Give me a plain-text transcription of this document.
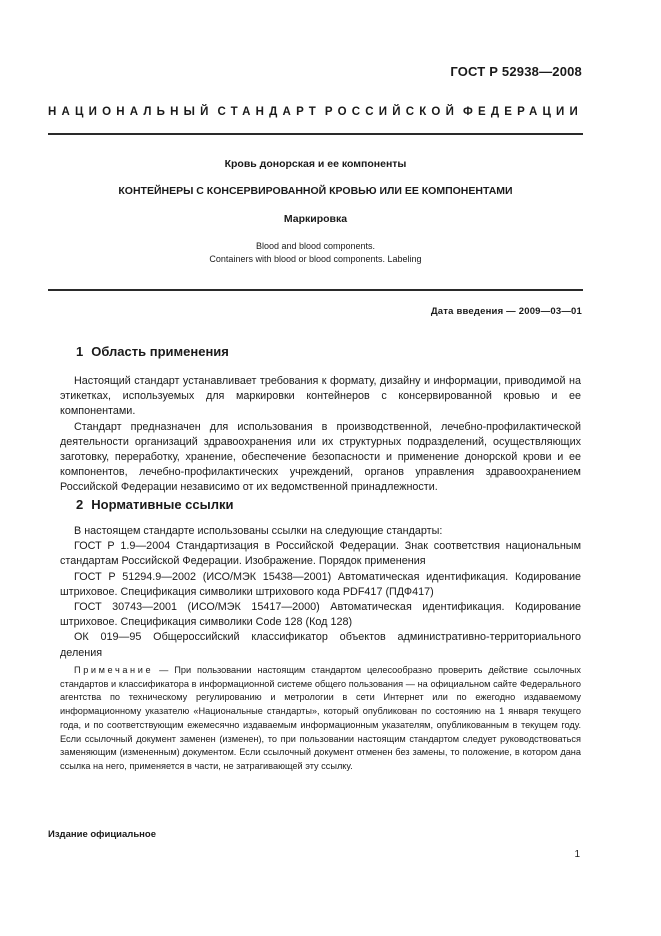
ГОСТ Р 52938—2008
НАЦИОНАЛЬНЫЙ СТАНДАРТ РОССИЙСКОЙ ФЕДЕРАЦИИ
Кровь донорская и ее компоненты
КОНТЕЙНЕРЫ С КОНСЕРВИРОВАННОЙ КРОВЬЮ ИЛИ ЕЕ КОМПОНЕНТАМИ
Маркировка
Blood and blood components.
Containers with blood or blood components. Labeling
Дата введения — 2009—03—01
1 Область применения

Настоящий стандарт устанавливает требования к формату, дизайну и информации, приводимой на этикетках, используемых для маркировки контейнеров с консервированной кровью и ее компонентами.

Стандарт предназначен для использования в производственной, лечебно-профилактической деятельности организаций здравоохранения или их структурных подразделений, осуществляющих заготовку, переработку, хранение, обеспечение безопасности и применение донорской крови и ее компонентов, лечебно-профилактических учреждений, органов управления здравоохранением Российской Федерации независимо от их ведомственной принадлежности.

2 Нормативные ссылки

В настоящем стандарте использованы ссылки на следующие стандарты:

ГОСТ Р 1.9—2004 Стандартизация в Российской Федерации. Знак соответствия национальным стандартам Российской Федерации. Изображение. Порядок применения

ГОСТ Р 51294.9—2002 (ИСО/МЭК 15438—2001) Автоматическая идентификация. Кодирование штриховое. Спецификация символики штрихового кода PDF417 (ПДФ417)

ГОСТ 30743—2001 (ИСО/МЭК 15417—2000) Автоматическая идентификация. Кодирование штриховое. Спецификация символики Code 128 (Код 128)

ОК 019—95 Общероссийский классификатор объектов административно-территориального деления

Примечание — При пользовании настоящим стандартом целесообразно проверить действие ссылочных стандартов и классификатора в информационной системе общего пользования — на официальном сайте Федерального агентства по техническому регулированию и метрологии в сети Интернет или по ежегодно издаваемому информационному указателю «Национальные стандарты», который опубликован по состоянию на 1 января текущего года, и по соответствующим ежемесячно издаваемым информационным указателям, опубликованным в текущем году. Если ссылочный документ заменен (изменен), то при пользовании настоящим стандартом следует руководствоваться заменяющим (измененным) документом. Если ссылочный документ отменен без замены, то положение, в котором дана ссылка на него, применяется в части, не затрагивающей эту ссылку.

Издание официальное
1
